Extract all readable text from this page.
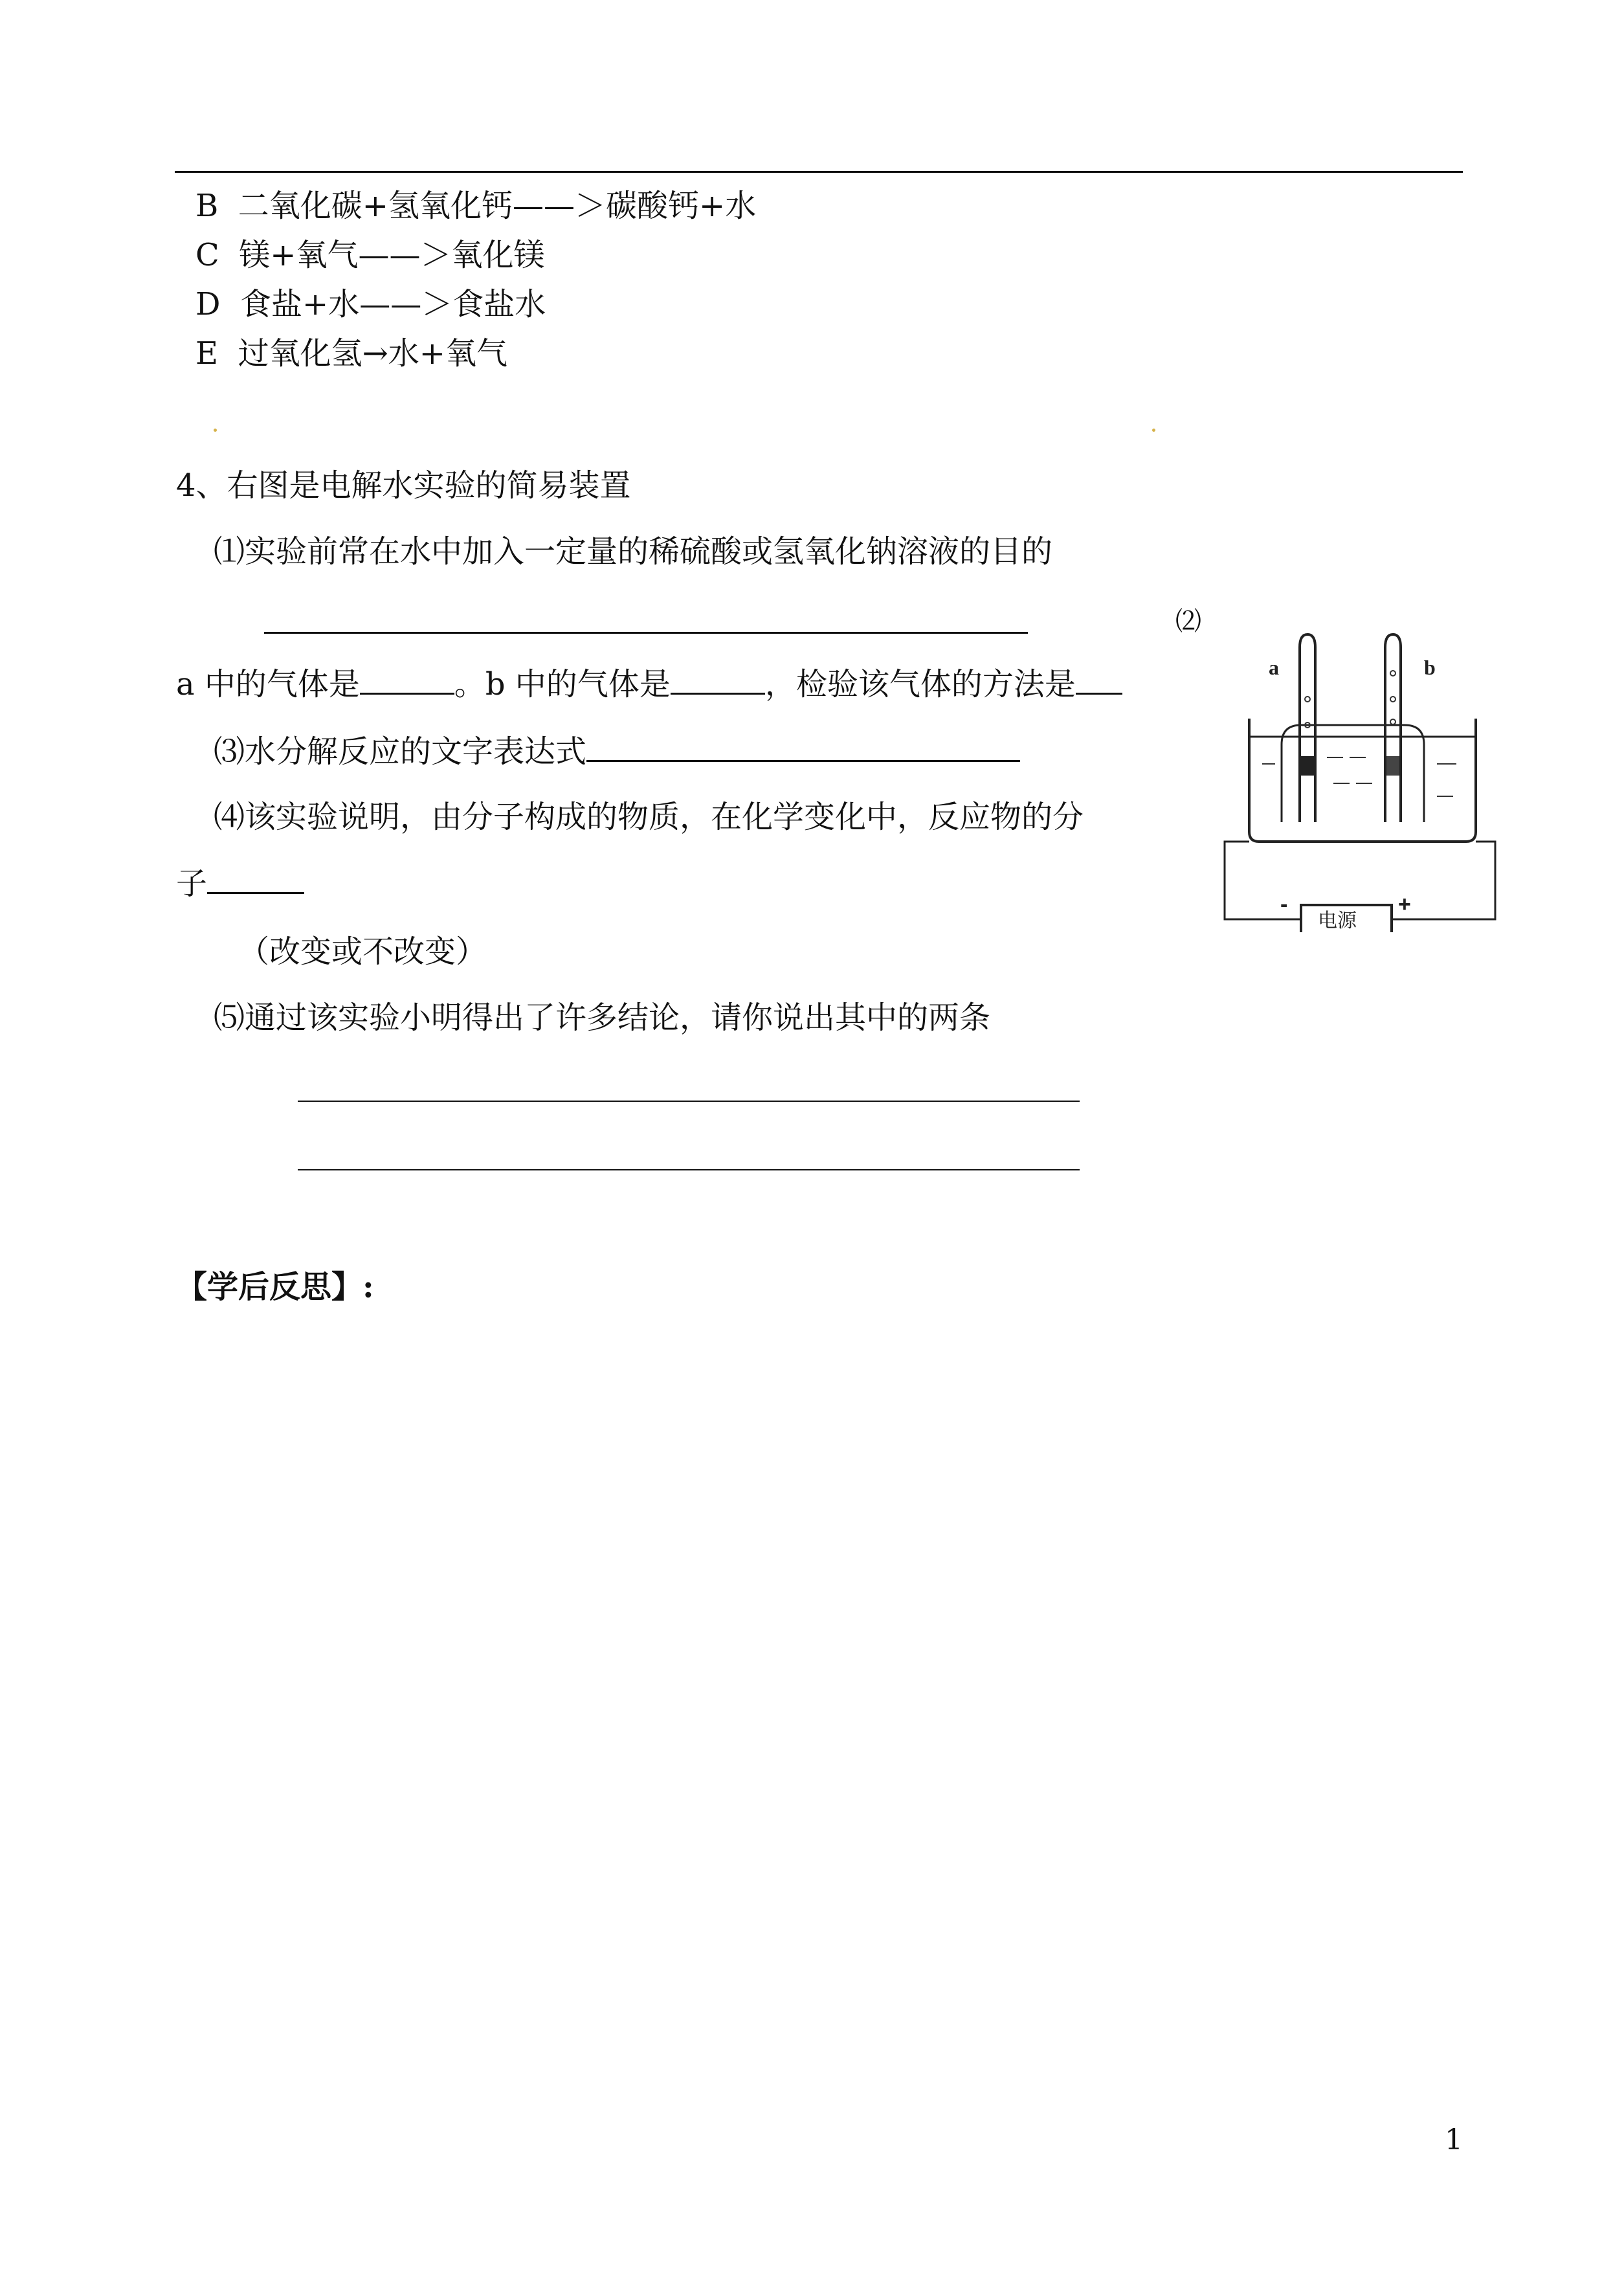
B 二氧化碳+氢氧化钙——＞碳酸钙+水
C 镁+氧气——＞氧化镁
D 食盐+水——＞食盐水
E 过氧化氢→水+氧气
4、右图是电解水实验的简易装置
⑴实验前常在水中加入一定量的稀硫酸或氢氧化钠溶液的目的
⑵
a 中的气体是	。b 中的气体是	，检验该气体的方法是
⑶水分解反应的文字表达式
⑷该实验说明，由分子构成的物质，在化学变化中，反应物的分
子
（改变或不改变）
⑸通过该实验小明得出了许多结论，请你说出其中的两条
【学后反思】:
1
a	b
电源
-	+
